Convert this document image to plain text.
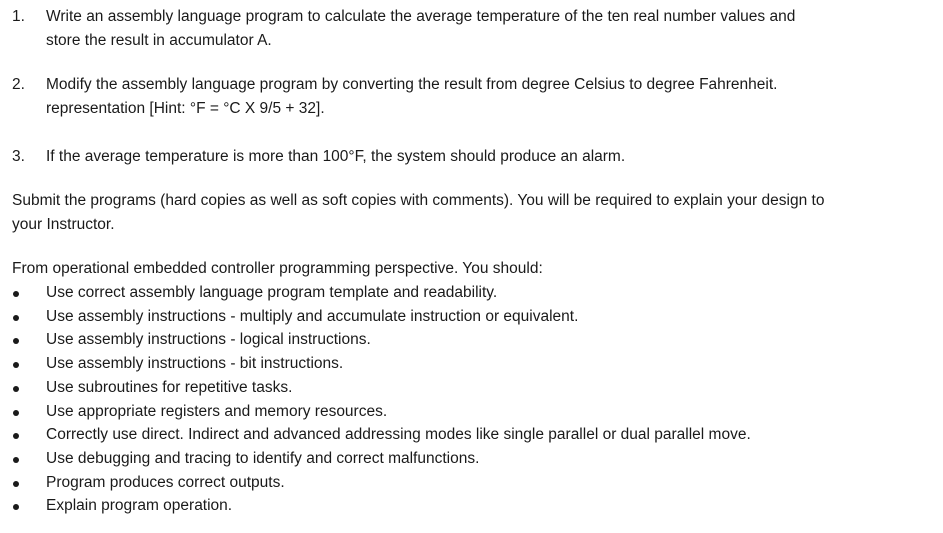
1. Write an assembly language program to calculate the average temperature of the ten real number values and
store the result in accumulator A.
2. Modify the assembly language program by converting the result from degree Celsius to degree Fahrenheit.
representation [Hint: °F = °C X 9/5 + 32].
3. If the average temperature is more than 100°F, the system should produce an alarm.
Submit the programs (hard copies as well as soft copies with comments). You will be required to explain your design to
your Instructor.
From operational embedded controller programming perspective. You should:
Use correct assembly language program template and readability.
Use assembly instructions - multiply and accumulate instruction or equivalent.
Use assembly instructions - logical instructions.
Use assembly instructions - bit instructions.
Use subroutines for repetitive tasks.
Use appropriate registers and memory resources.
Correctly use direct. Indirect and advanced addressing modes like single parallel or dual parallel move.
Use debugging and tracing to identify and correct malfunctions.
Program produces correct outputs.
Explain program operation.
